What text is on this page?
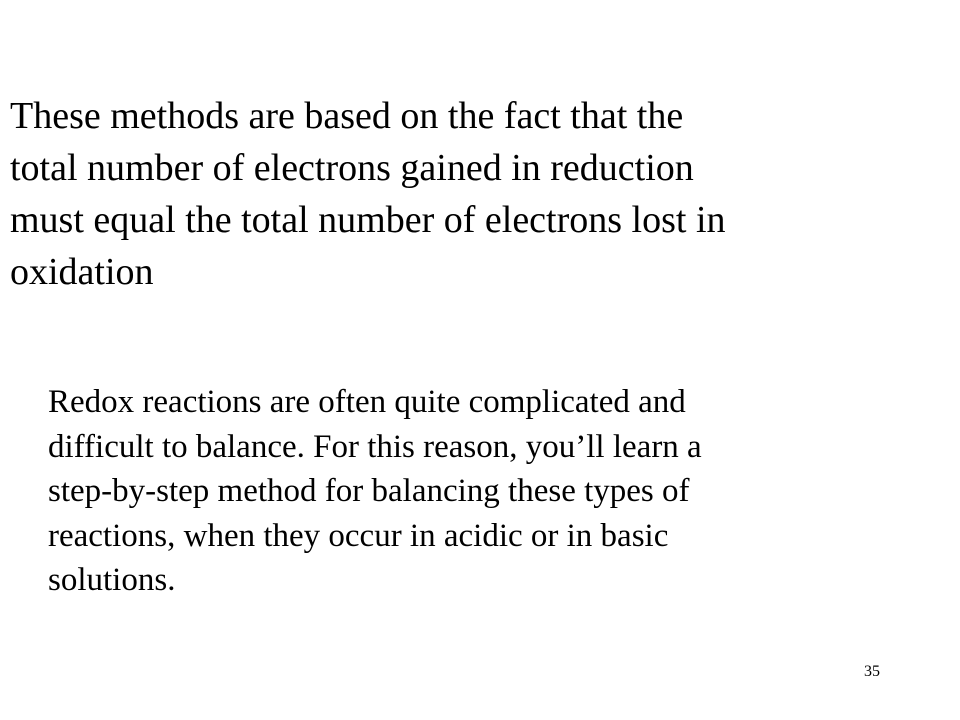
These methods are based on the fact that the
total number of electrons gained in reduction
must equal the total number of electrons lost in
oxidation

Redox reactions are often quite complicated and
difficult to balance. For this reason, you’ll learn a
step-by-step method for balancing these types of
reactions, when they occur in acidic or in basic
solutions.

35
